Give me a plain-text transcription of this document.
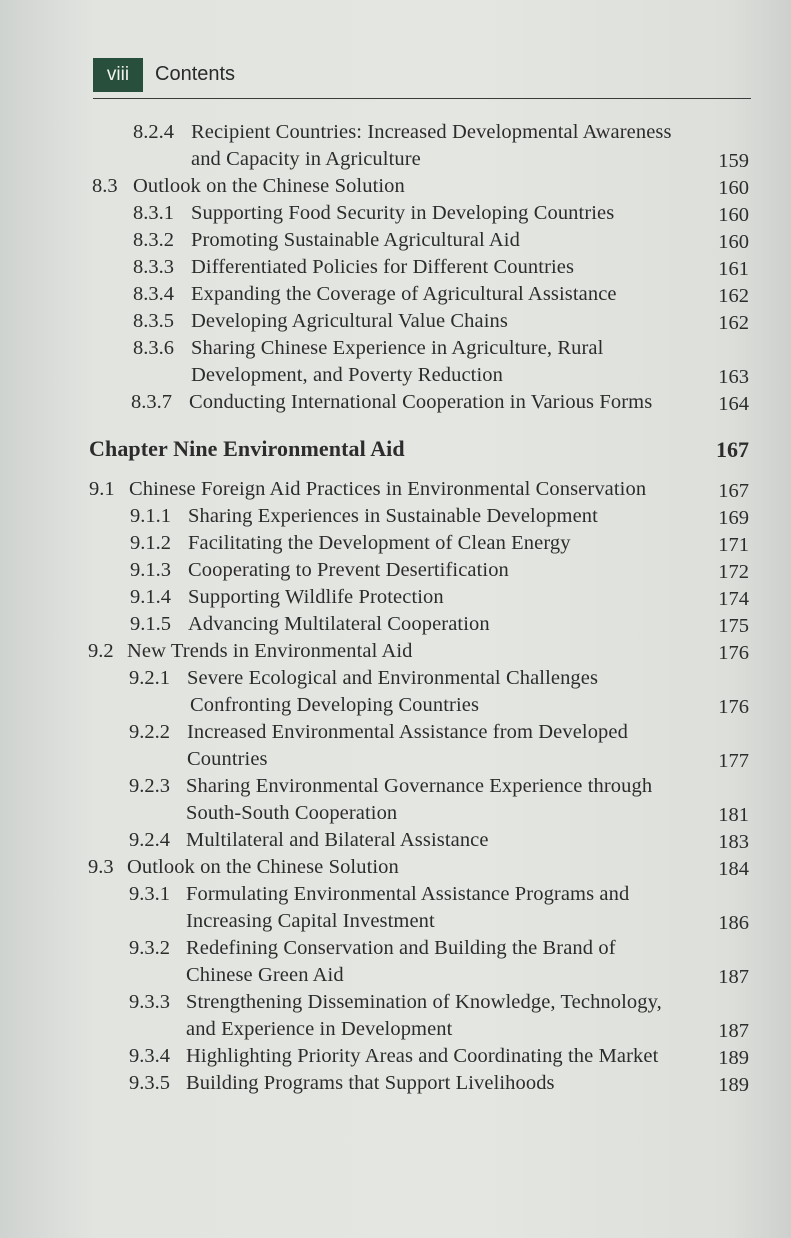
viii	Contents
8.2.4 Recipient Countries: Increased Developmental Awareness
and Capacity in Agriculture	159
8.3 Outlook on the Chinese Solution	160
8.3.1 Supporting Food Security in Developing Countries	160
8.3.2 Promoting Sustainable Agricultural Aid	160
8.3.3 Differentiated Policies for Different Countries	161
8.3.4 Expanding the Coverage of Agricultural Assistance	162
8.3.5 Developing Agricultural Value Chains	162
8.3.6 Sharing Chinese Experience in Agriculture, Rural
Development, and Poverty Reduction	163
8.3.7 Conducting International Cooperation in Various Forms	164
Chapter Nine Environmental Aid	167
9.1 Chinese Foreign Aid Practices in Environmental Conservation	167
9.1.1 Sharing Experiences in Sustainable Development	169
9.1.2 Facilitating the Development of Clean Energy	171
9.1.3 Cooperating to Prevent Desertification	172
9.1.4 Supporting Wildlife Protection	174
9.1.5 Advancing Multilateral Cooperation	175
9.2 New Trends in Environmental Aid	176
9.2.1 Severe Ecological and Environmental Challenges
Confronting Developing Countries	176
9.2.2 Increased Environmental Assistance from Developed
Countries	177
9.2.3 Sharing Environmental Governance Experience through
South-South Cooperation	181
9.2.4 Multilateral and Bilateral Assistance	183
9.3 Outlook on the Chinese Solution	184
9.3.1 Formulating Environmental Assistance Programs and
Increasing Capital Investment	186
9.3.2 Redefining Conservation and Building the Brand of
Chinese Green Aid	187
9.3.3 Strengthening Dissemination of Knowledge, Technology,
and Experience in Development	187
9.3.4 Highlighting Priority Areas and Coordinating the Market	189
9.3.5 Building Programs that Support Livelihoods	189
